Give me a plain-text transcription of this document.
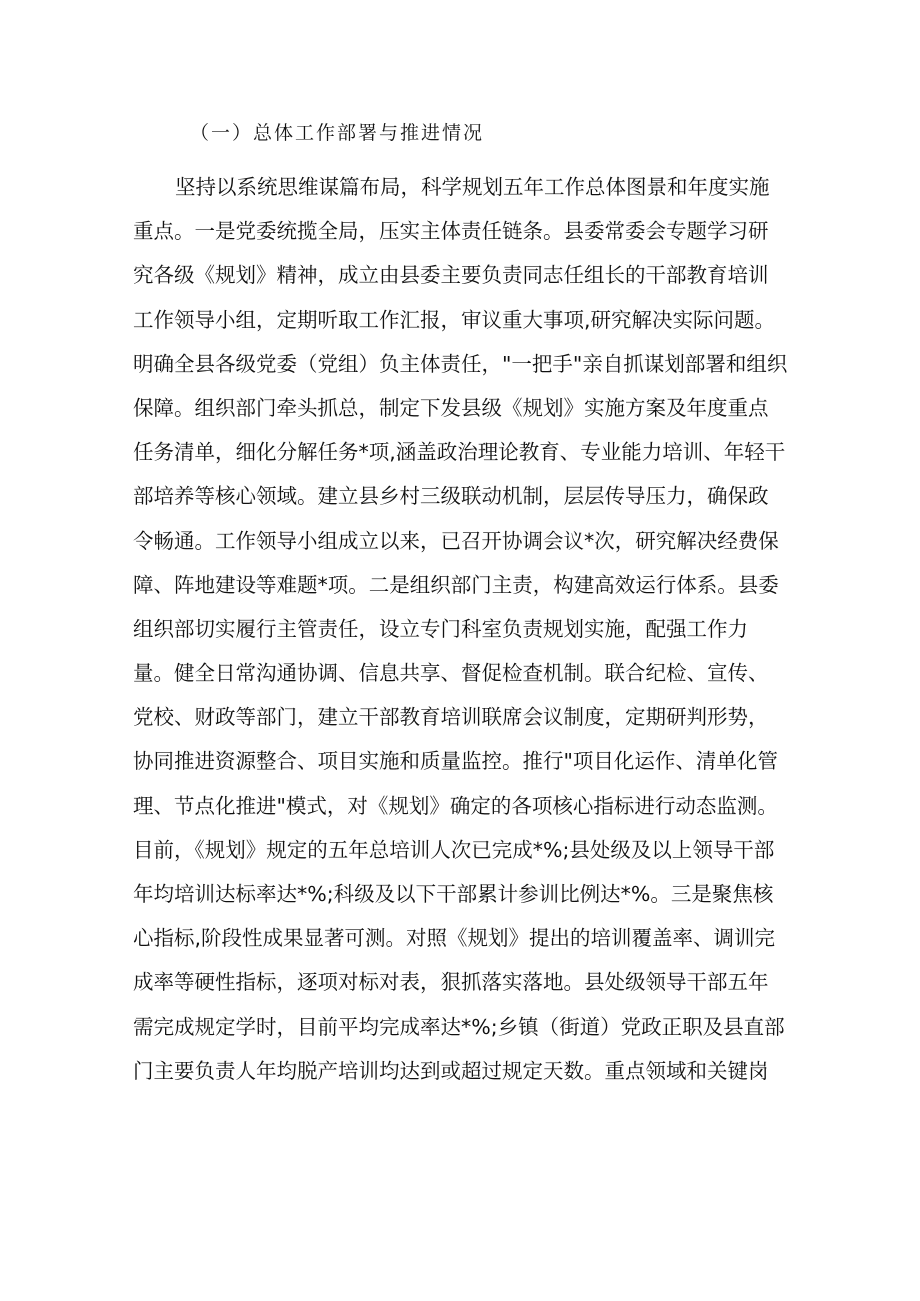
（一）总体工作部署与推进情况
坚持以系统思维谋篇布局，科学规划五年工作总体图景和年度实施
重点。一是党委统揽全局，压实主体责任链条。县委常委会专题学习研
究各级《规划》精神，成立由县委主要负责同志任组长的干部教育培训
工作领导小组，定期听取工作汇报，审议重大事项,研究解决实际问题。
明确全县各级党委（党组）负主体责任，"一把手"亲自抓谋划部署和组织
保障。组织部门牵头抓总，制定下发县级《规划》实施方案及年度重点
任务清单，细化分解任务*项,涵盖政治理论教育、专业能力培训、年轻干
部培养等核心领域。建立县乡村三级联动机制，层层传导压力，确保政
令畅通。工作领导小组成立以来，已召开协调会议*次，研究解决经费保
障、阵地建设等难题*项。二是组织部门主责，构建高效运行体系。县委
组织部切实履行主管责任，设立专门科室负责规划实施，配强工作力
量。健全日常沟通协调、信息共享、督促检查机制。联合纪检、宣传、
党校、财政等部门，建立干部教育培训联席会议制度，定期研判形势，
协同推进资源整合、项目实施和质量监控。推行"项目化运作、清单化管
理、节点化推进"模式，对《规划》确定的各项核心指标进行动态监测。
目前，《规划》规定的五年总培训人次已完成*%;县处级及以上领导干部
年均培训达标率达*%;科级及以下干部累计参训比例达*%。三是聚焦核
心指标,阶段性成果显著可测。对照《规划》提出的培训覆盖率、调训完
成率等硬性指标，逐项对标对表，狠抓落实落地。县处级领导干部五年
需完成规定学时，目前平均完成率达*%;乡镇（街道）党政正职及县直部
门主要负责人年均脱产培训均达到或超过规定天数。重点领域和关键岗
